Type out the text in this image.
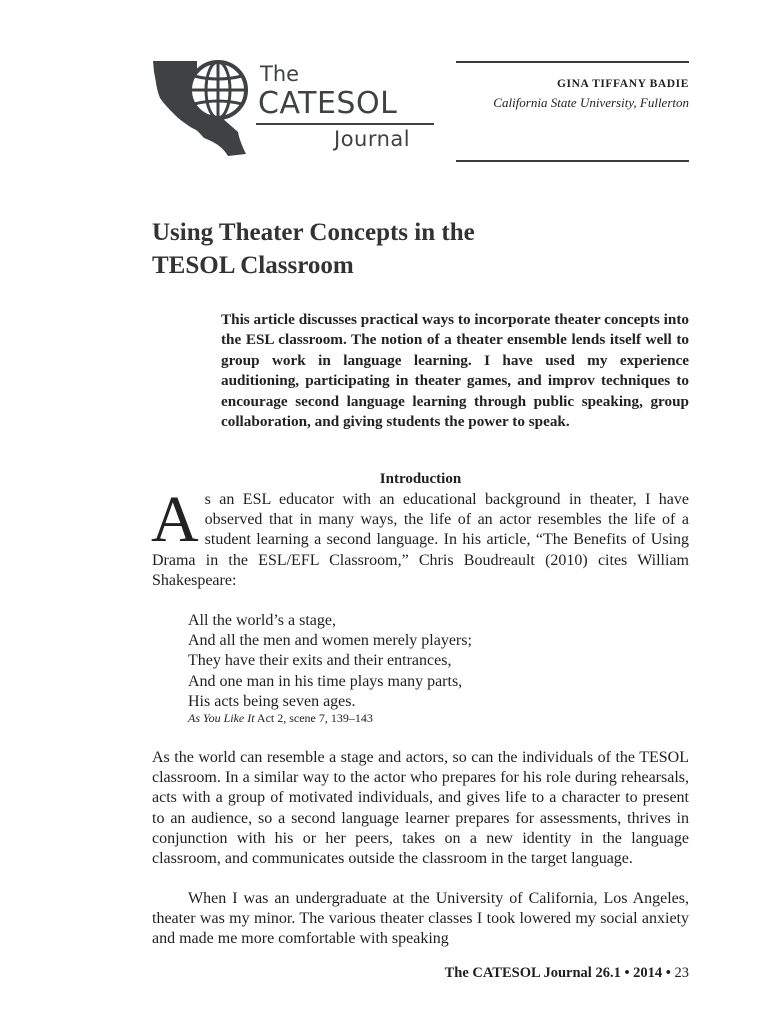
The
CATESOL
Journal
GINA TIFFANY BADIE
California State University, Fullerton
Using Theater Concepts in the
TESOL Classroom
This article discusses practical ways to incorporate theater concepts into the ESL classroom. The notion of a theater ensemble lends itself well to group work in language learning. I have used my experience auditioning, participating in theater games, and improv techniques to encourage second language learning through public speaking, group collaboration, and giving students the power to speak.
Introduction
As an ESL educator with an educational background in theater, I have observed that in many ways, the life of an actor resembles the life of a student learning a second language. In his article, “The Benefits of Using Drama in the ESL/EFL Classroom,” Chris Boudreault (2010) cites William Shakespeare:
All the world’s a stage,
And all the men and women merely players;
They have their exits and their entrances,
And one man in his time plays many parts,
His acts being seven ages.
As You Like It Act 2, scene 7, 139–143
As the world can resemble a stage and actors, so can the individuals of the TESOL classroom. In a similar way to the actor who prepares for his role during rehearsals, acts with a group of motivated individuals, and gives life to a character to present to an audience, so a second language learner prepares for assessments, thrives in conjunction with his or her peers, takes on a new identity in the language classroom, and communicates outside the classroom in the target language.
When I was an undergraduate at the University of California, Los Angeles, theater was my minor. The various theater classes I took lowered my social anxiety and made me more comfortable with speaking
The CATESOL Journal 26.1 • 2014 • 23
